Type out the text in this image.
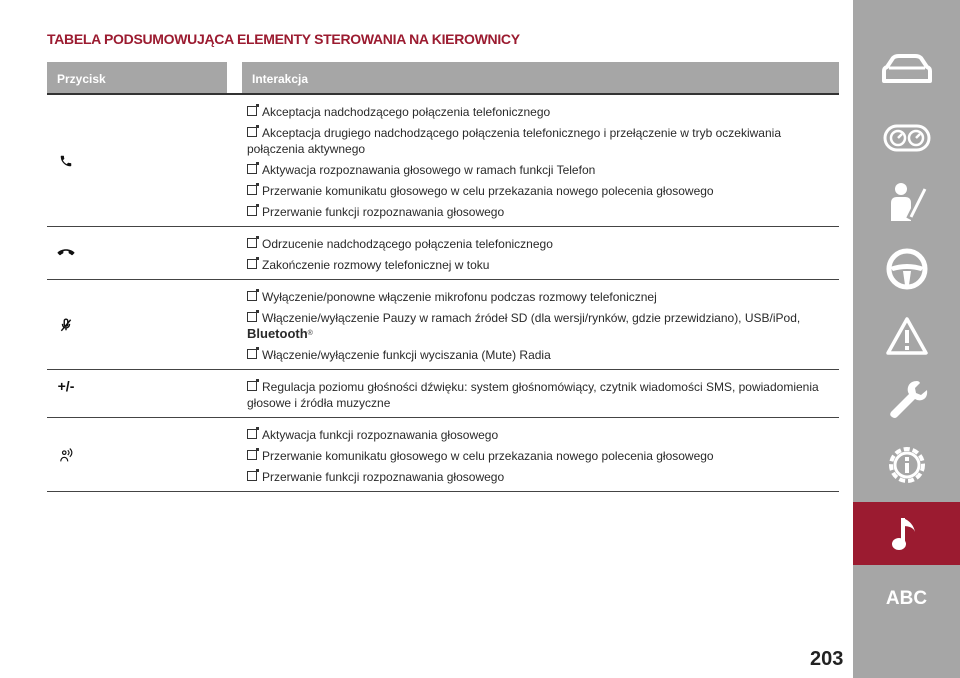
TABELA PODSUMOWUJĄCA ELEMENTY STEROWANIA NA KIEROWNICY
Przycisk	Interakcja
Akceptacja nadchodzącego połączenia telefonicznego
Akceptacja drugiego nadchodzącego połączenia telefonicznego i przełączenie w tryb oczekiwania połączenia aktywnego
Aktywacja rozpoznawania głosowego w ramach funkcji Telefon
Przerwanie komunikatu głosowego w celu przekazania nowego polecenia głosowego
Przerwanie funkcji rozpoznawania głosowego
Odrzucenie nadchodzącego połączenia telefonicznego
Zakończenie rozmowy telefonicznej w toku
Wyłączenie/ponowne włączenie mikrofonu podczas rozmowy telefonicznej
Włączenie/wyłączenie Pauzy w ramach źródeł SD (dla wersji/rynków, gdzie przewidziano), USB/iPod,
Bluetooth®
Włączenie/wyłączenie funkcji wyciszania (Mute) Radia
+/-	Regulacja poziomu głośności dźwięku: system głośnomówiący, czytnik wiadomości SMS, powiadomienia głosowe i źródła muzyczne
Aktywacja funkcji rozpoznawania głosowego
Przerwanie komunikatu głosowego w celu przekazania nowego polecenia głosowego
Przerwanie funkcji rozpoznawania głosowego
ABC
203
